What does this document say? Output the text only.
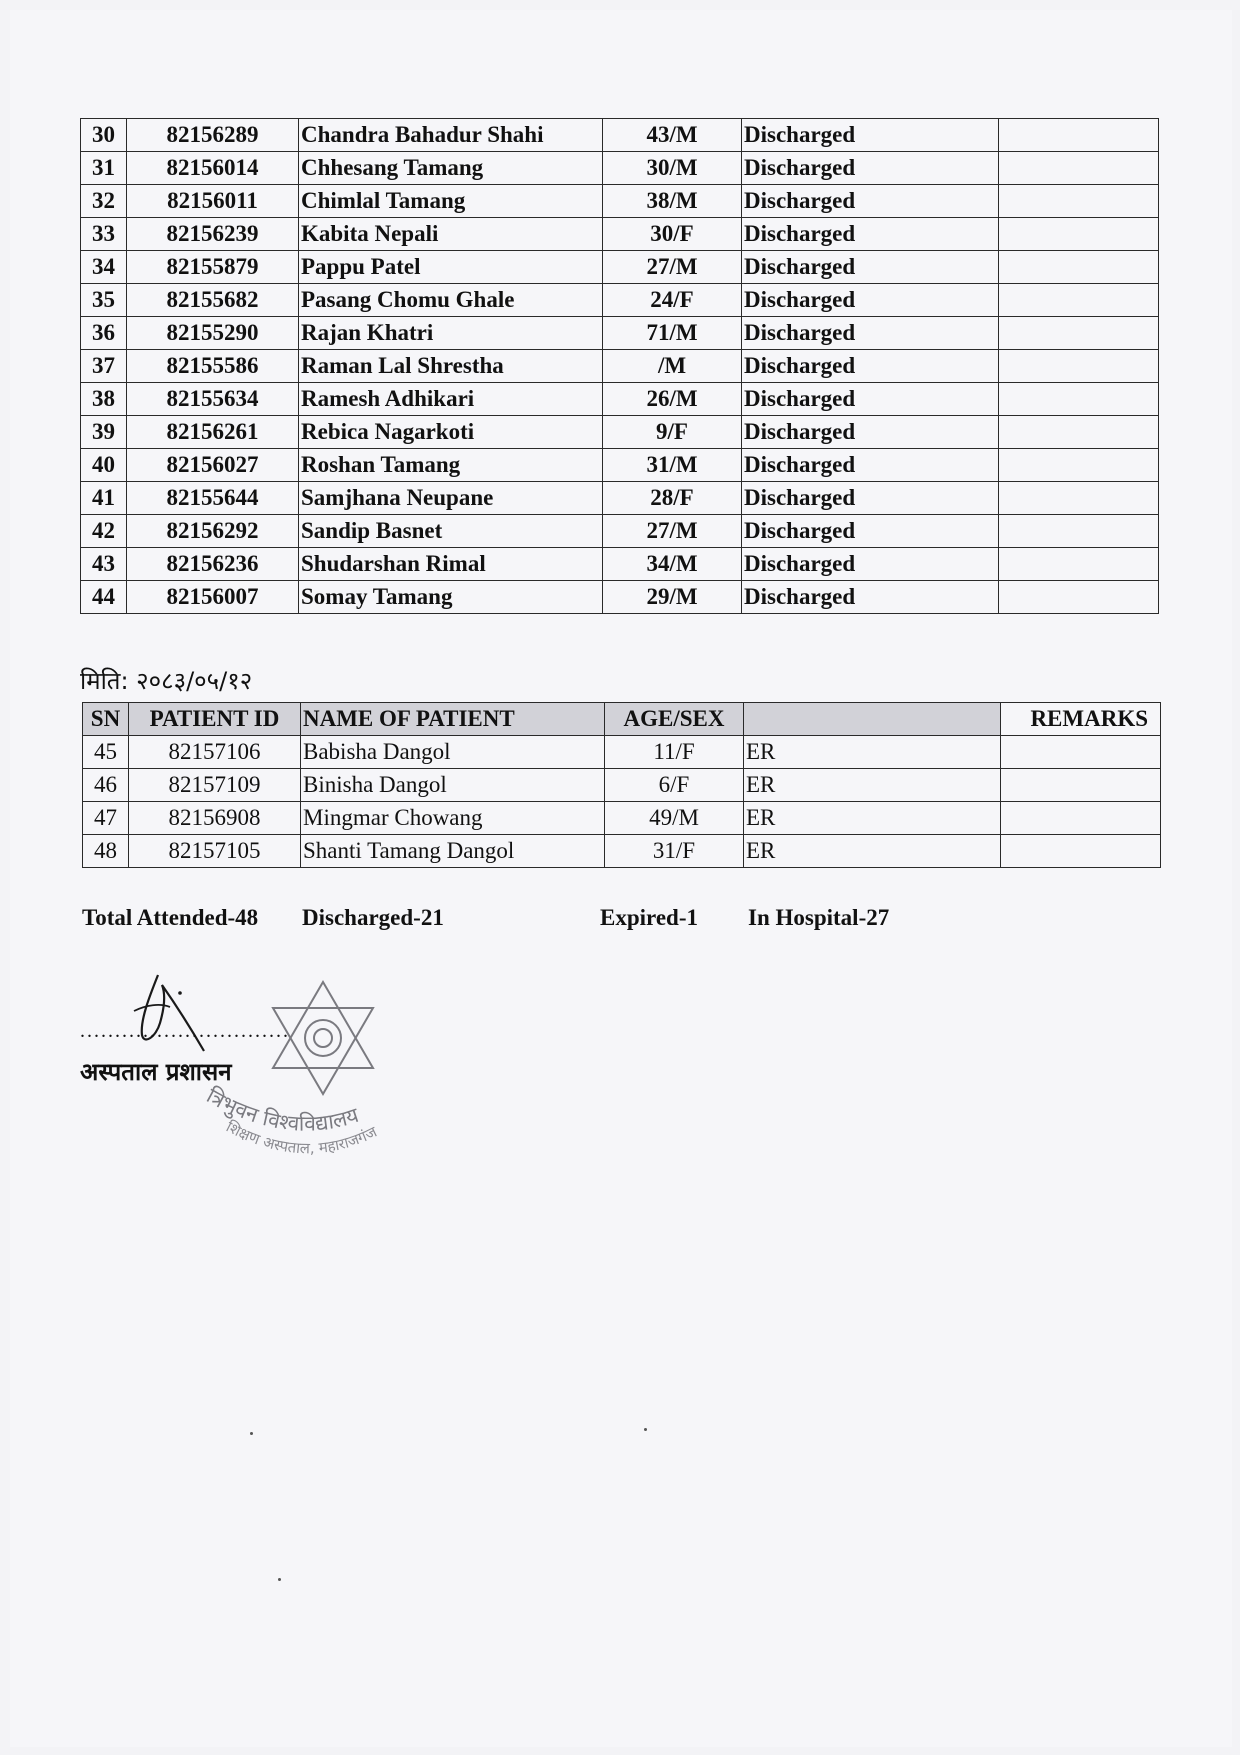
30	82156289	Chandra Bahadur Shahi	43/M	Discharged	
31	82156014	Chhesang Tamang	30/M	Discharged	
32	82156011	Chimlal Tamang	38/M	Discharged	
33	82156239	Kabita Nepali	30/F	Discharged	
34	82155879	Pappu Patel	27/M	Discharged	
35	82155682	Pasang Chomu Ghale	24/F	Discharged	
36	82155290	Rajan Khatri	71/M	Discharged	
37	82155586	Raman Lal Shrestha	/M	Discharged	
38	82155634	Ramesh Adhikari	26/M	Discharged	
39	82156261	Rebica Nagarkoti	9/F	Discharged	
40	82156027	Roshan Tamang	31/M	Discharged	
41	82155644	Samjhana Neupane	28/F	Discharged	
42	82156292	Sandip Basnet	27/M	Discharged	
43	82156236	Shudarshan Rimal	34/M	Discharged	
44	82156007	Somay Tamang	29/M	Discharged	
मिति: २०८३/०५/१२
SN	PATIENT ID	NAME OF PATIENT	AGE/SEX		REMARKS
45	82157106	Babisha Dangol	11/F	ER	
46	82157109	Binisha Dangol	6/F	ER	
47	82156908	Mingmar Chowang	49/M	ER	
48	82157105	Shanti Tamang Dangol	31/F	ER	
Total Attended-48 Discharged-21	Expired-1 In Hospital-27
..............................
अस्पताल प्रशासन
त्रिभुवन विश्वविद्यालय
शिक्षण अस्पताल, महाराजगंज
